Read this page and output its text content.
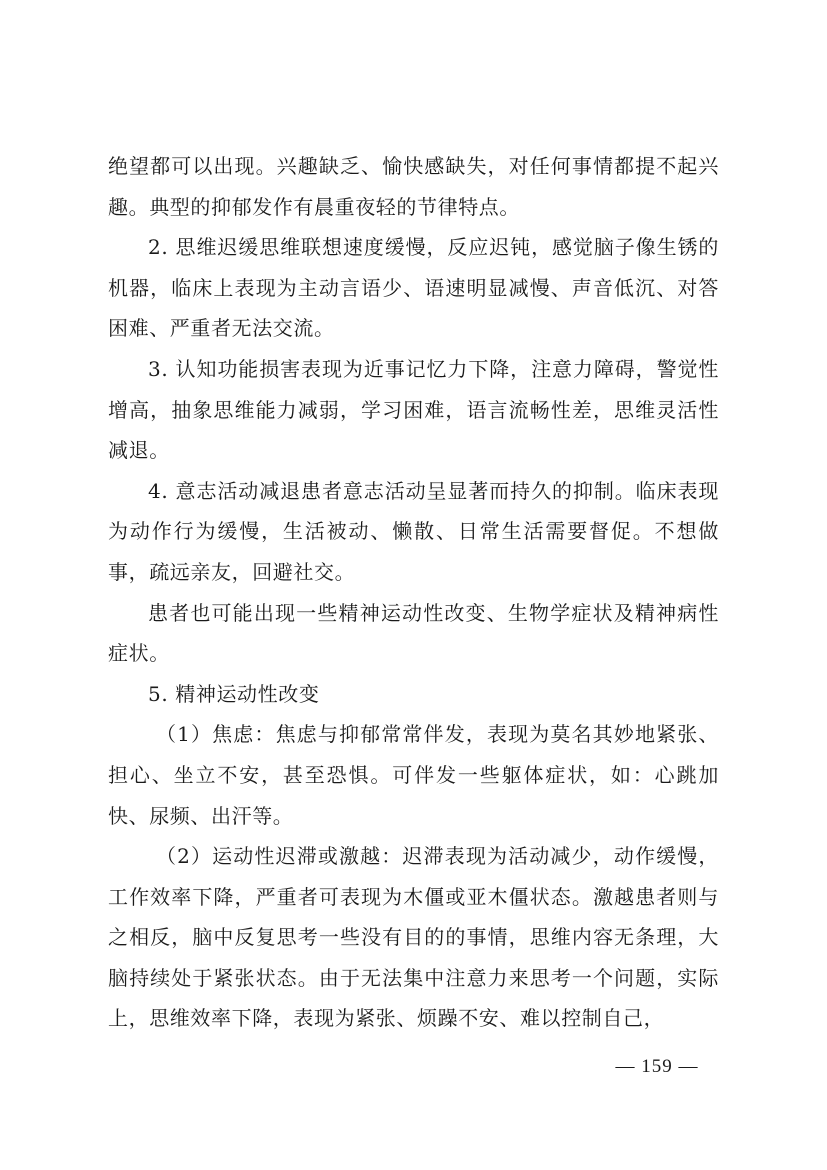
绝望都可以出现。兴趣缺乏、愉快感缺失，对任何事情都提不起兴趣。典型的抑郁发作有晨重夜轻的节律特点。

2. 思维迟缓思维联想速度缓慢，反应迟钝，感觉脑子像生锈的机器，临床上表现为主动言语少、语速明显减慢、声音低沉、对答困难、严重者无法交流。

3. 认知功能损害表现为近事记忆力下降，注意力障碍，警觉性增高，抽象思维能力减弱，学习困难，语言流畅性差，思维灵活性减退。

4. 意志活动减退患者意志活动呈显著而持久的抑制。临床表现为动作行为缓慢，生活被动、懒散、日常生活需要督促。不想做事，疏远亲友，回避社交。

患者也可能出现一些精神运动性改变、生物学症状及精神病性症状。

5. 精神运动性改变

（1）焦虑：焦虑与抑郁常常伴发，表现为莫名其妙地紧张、担心、坐立不安，甚至恐惧。可伴发一些躯体症状，如：心跳加快、尿频、出汗等。

（2）运动性迟滞或激越：迟滞表现为活动减少，动作缓慢，工作效率下降，严重者可表现为木僵或亚木僵状态。激越患者则与之相反，脑中反复思考一些没有目的的事情，思维内容无条理，大脑持续处于紧张状态。由于无法集中注意力来思考一个问题，实际上，思维效率下降，表现为紧张、烦躁不安、难以控制自己，

— 159 —
